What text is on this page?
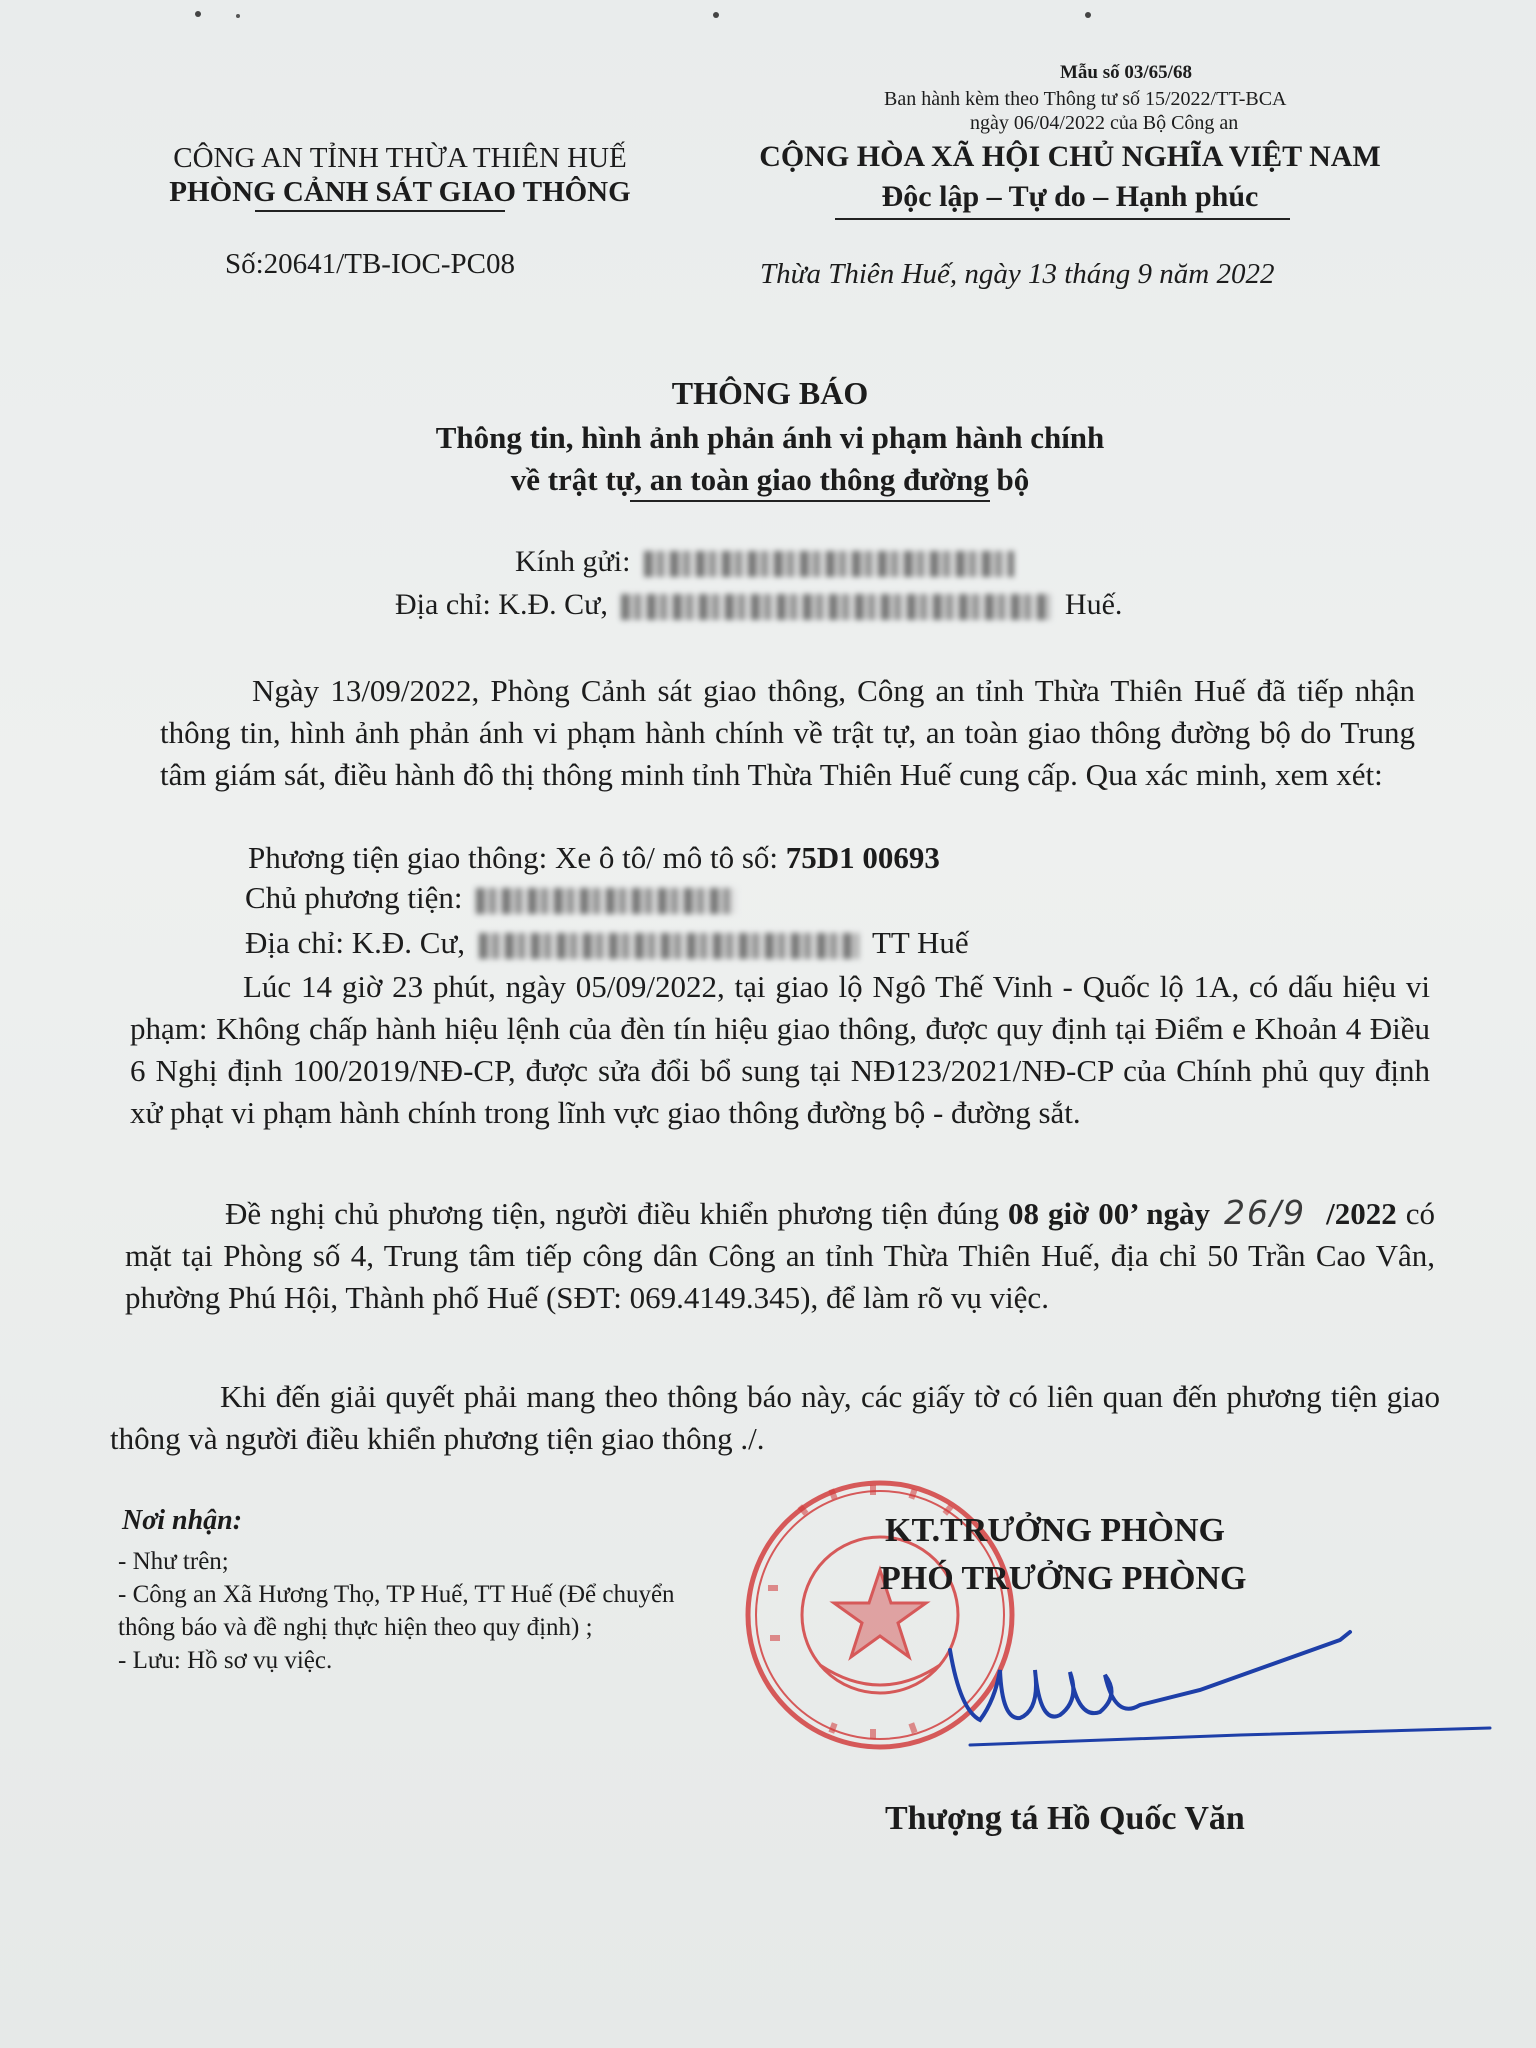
Mẫu số 03/65/68
Ban hành kèm theo Thông tư số 15/2022/TT-BCA
ngày 06/04/2022 của Bộ Công an
CÔNG AN TỈNH THỪA THIÊN HUẾ
PHÒNG CẢNH SÁT GIAO THÔNG
Số:20641/TB-IOC-PC08
CỘNG HÒA XÃ HỘI CHỦ NGHĨA VIỆT NAM
Độc lập – Tự do – Hạnh phúc
Thừa Thiên Huế, ngày 13 tháng 9 năm 2022
THÔNG BÁO
Thông tin, hình ảnh phản ánh vi phạm hành chính
về trật tự, an toàn giao thông đường bộ
Kính gửi:
Địa chỉ: K.Đ. Cư,	Huế.
Ngày 13/09/2022, Phòng Cảnh sát giao thông, Công an tỉnh Thừa Thiên Huế đã tiếp nhận thông tin, hình ảnh phản ánh vi phạm hành chính về trật tự, an toàn giao thông đường bộ do Trung tâm giám sát, điều hành đô thị thông minh tỉnh Thừa Thiên Huế cung cấp. Qua xác minh, xem xét:
Phương tiện giao thông: Xe ô tô/ mô tô số: 75D1 00693
Chủ phương tiện:
Địa chỉ: K.Đ. Cư,	TT Huế
Lúc 14 giờ 23 phút, ngày 05/09/2022, tại giao lộ Ngô Thế Vinh - Quốc lộ 1A, có dấu hiệu vi phạm: Không chấp hành hiệu lệnh của đèn tín hiệu giao thông, được quy định tại Điểm e Khoản 4 Điều 6 Nghị định 100/2019/NĐ-CP, được sửa đổi bổ sung tại NĐ123/2021/NĐ-CP của Chính phủ quy định xử phạt vi phạm hành chính trong lĩnh vực giao thông đường bộ - đường sắt.
Đề nghị chủ phương tiện, người điều khiển phương tiện đúng 08 giờ 00’ ngày 26/9 /2022 có mặt tại Phòng số 4, Trung tâm tiếp công dân Công an tỉnh Thừa Thiên Huế, địa chỉ 50 Trần Cao Vân, phường Phú Hội, Thành phố Huế (SĐT: 069.4149.345), để làm rõ vụ việc.
Khi đến giải quyết phải mang theo thông báo này, các giấy tờ có liên quan đến phương tiện giao thông và người điều khiển phương tiện giao thông ./.
Nơi nhận:
- Như trên;
- Công an Xã Hương Thọ, TP Huế, TT Huế (Để chuyển thông báo và đề nghị thực hiện theo quy định) ;
- Lưu: Hồ sơ vụ việc.
KT.TRƯỞNG PHÒNG
PHÓ TRƯỞNG PHÒNG
Thượng tá Hồ Quốc Văn
